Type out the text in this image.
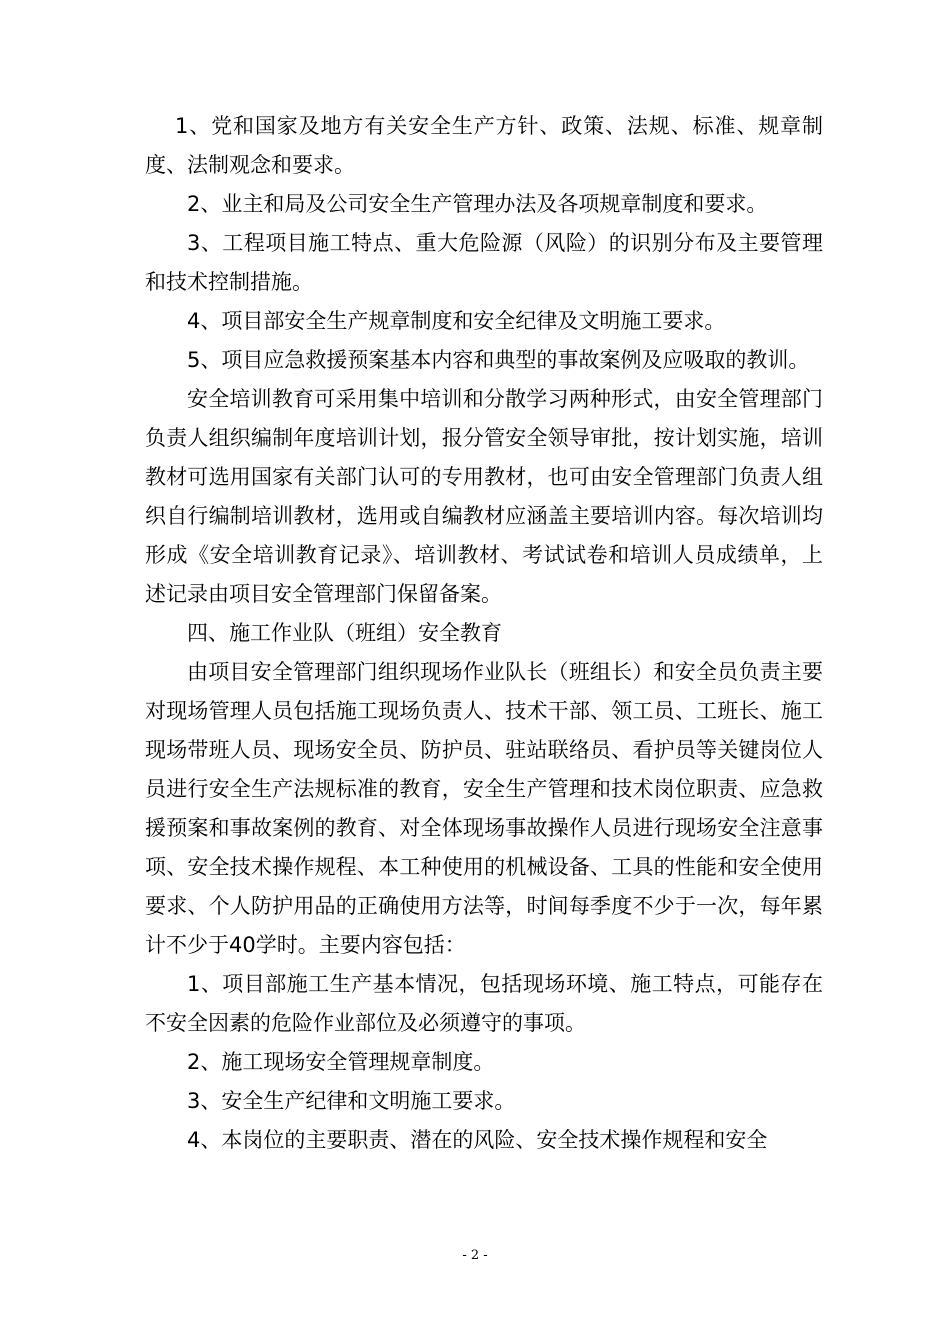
1、党和国家及地方有关安全生产方针、政策、法规、标准、规章制度、法制观念和要求。

2、业主和局及公司安全生产管理办法及各项规章制度和要求。

3、工程项目施工特点、重大危险源（风险）的识别分布及主要管理和技术控制措施。

4、项目部安全生产规章制度和安全纪律及文明施工要求。

5、项目应急救援预案基本内容和典型的事故案例及应吸取的教训。

安全培训教育可采用集中培训和分散学习两种形式，由安全管理部门负责人组织编制年度培训计划，报分管安全领导审批，按计划实施，培训教材可选用国家有关部门认可的专用教材，也可由安全管理部门负责人组织自行编制培训教材，选用或自编教材应涵盖主要培训内容。每次培训均形成《安全培训教育记录》、培训教材、考试试卷和培训人员成绩单，上述记录由项目安全管理部门保留备案。

四、施工作业队（班组）安全教育

由项目安全管理部门组织现场作业队长（班组长）和安全员负责主要对现场管理人员包括施工现场负责人、技术干部、领工员、工班长、施工现场带班人员、现场安全员、防护员、驻站联络员、看护员等关键岗位人员进行安全生产法规标准的教育，安全生产管理和技术岗位职责、应急救援预案和事故案例的教育、对全体现场事故操作人员进行现场安全注意事项、安全技术操作规程、本工种使用的机械设备、工具的性能和安全使用要求、个人防护用品的正确使用方法等，时间每季度不少于一次，每年累计不少于40学时。主要内容包括：

1、项目部施工生产基本情况，包括现场环境、施工特点，可能存在不安全因素的危险作业部位及必须遵守的事项。

2、施工现场安全管理规章制度。

3、安全生产纪律和文明施工要求。

4、本岗位的主要职责、潜在的风险、安全技术操作规程和安全

- 2 -
